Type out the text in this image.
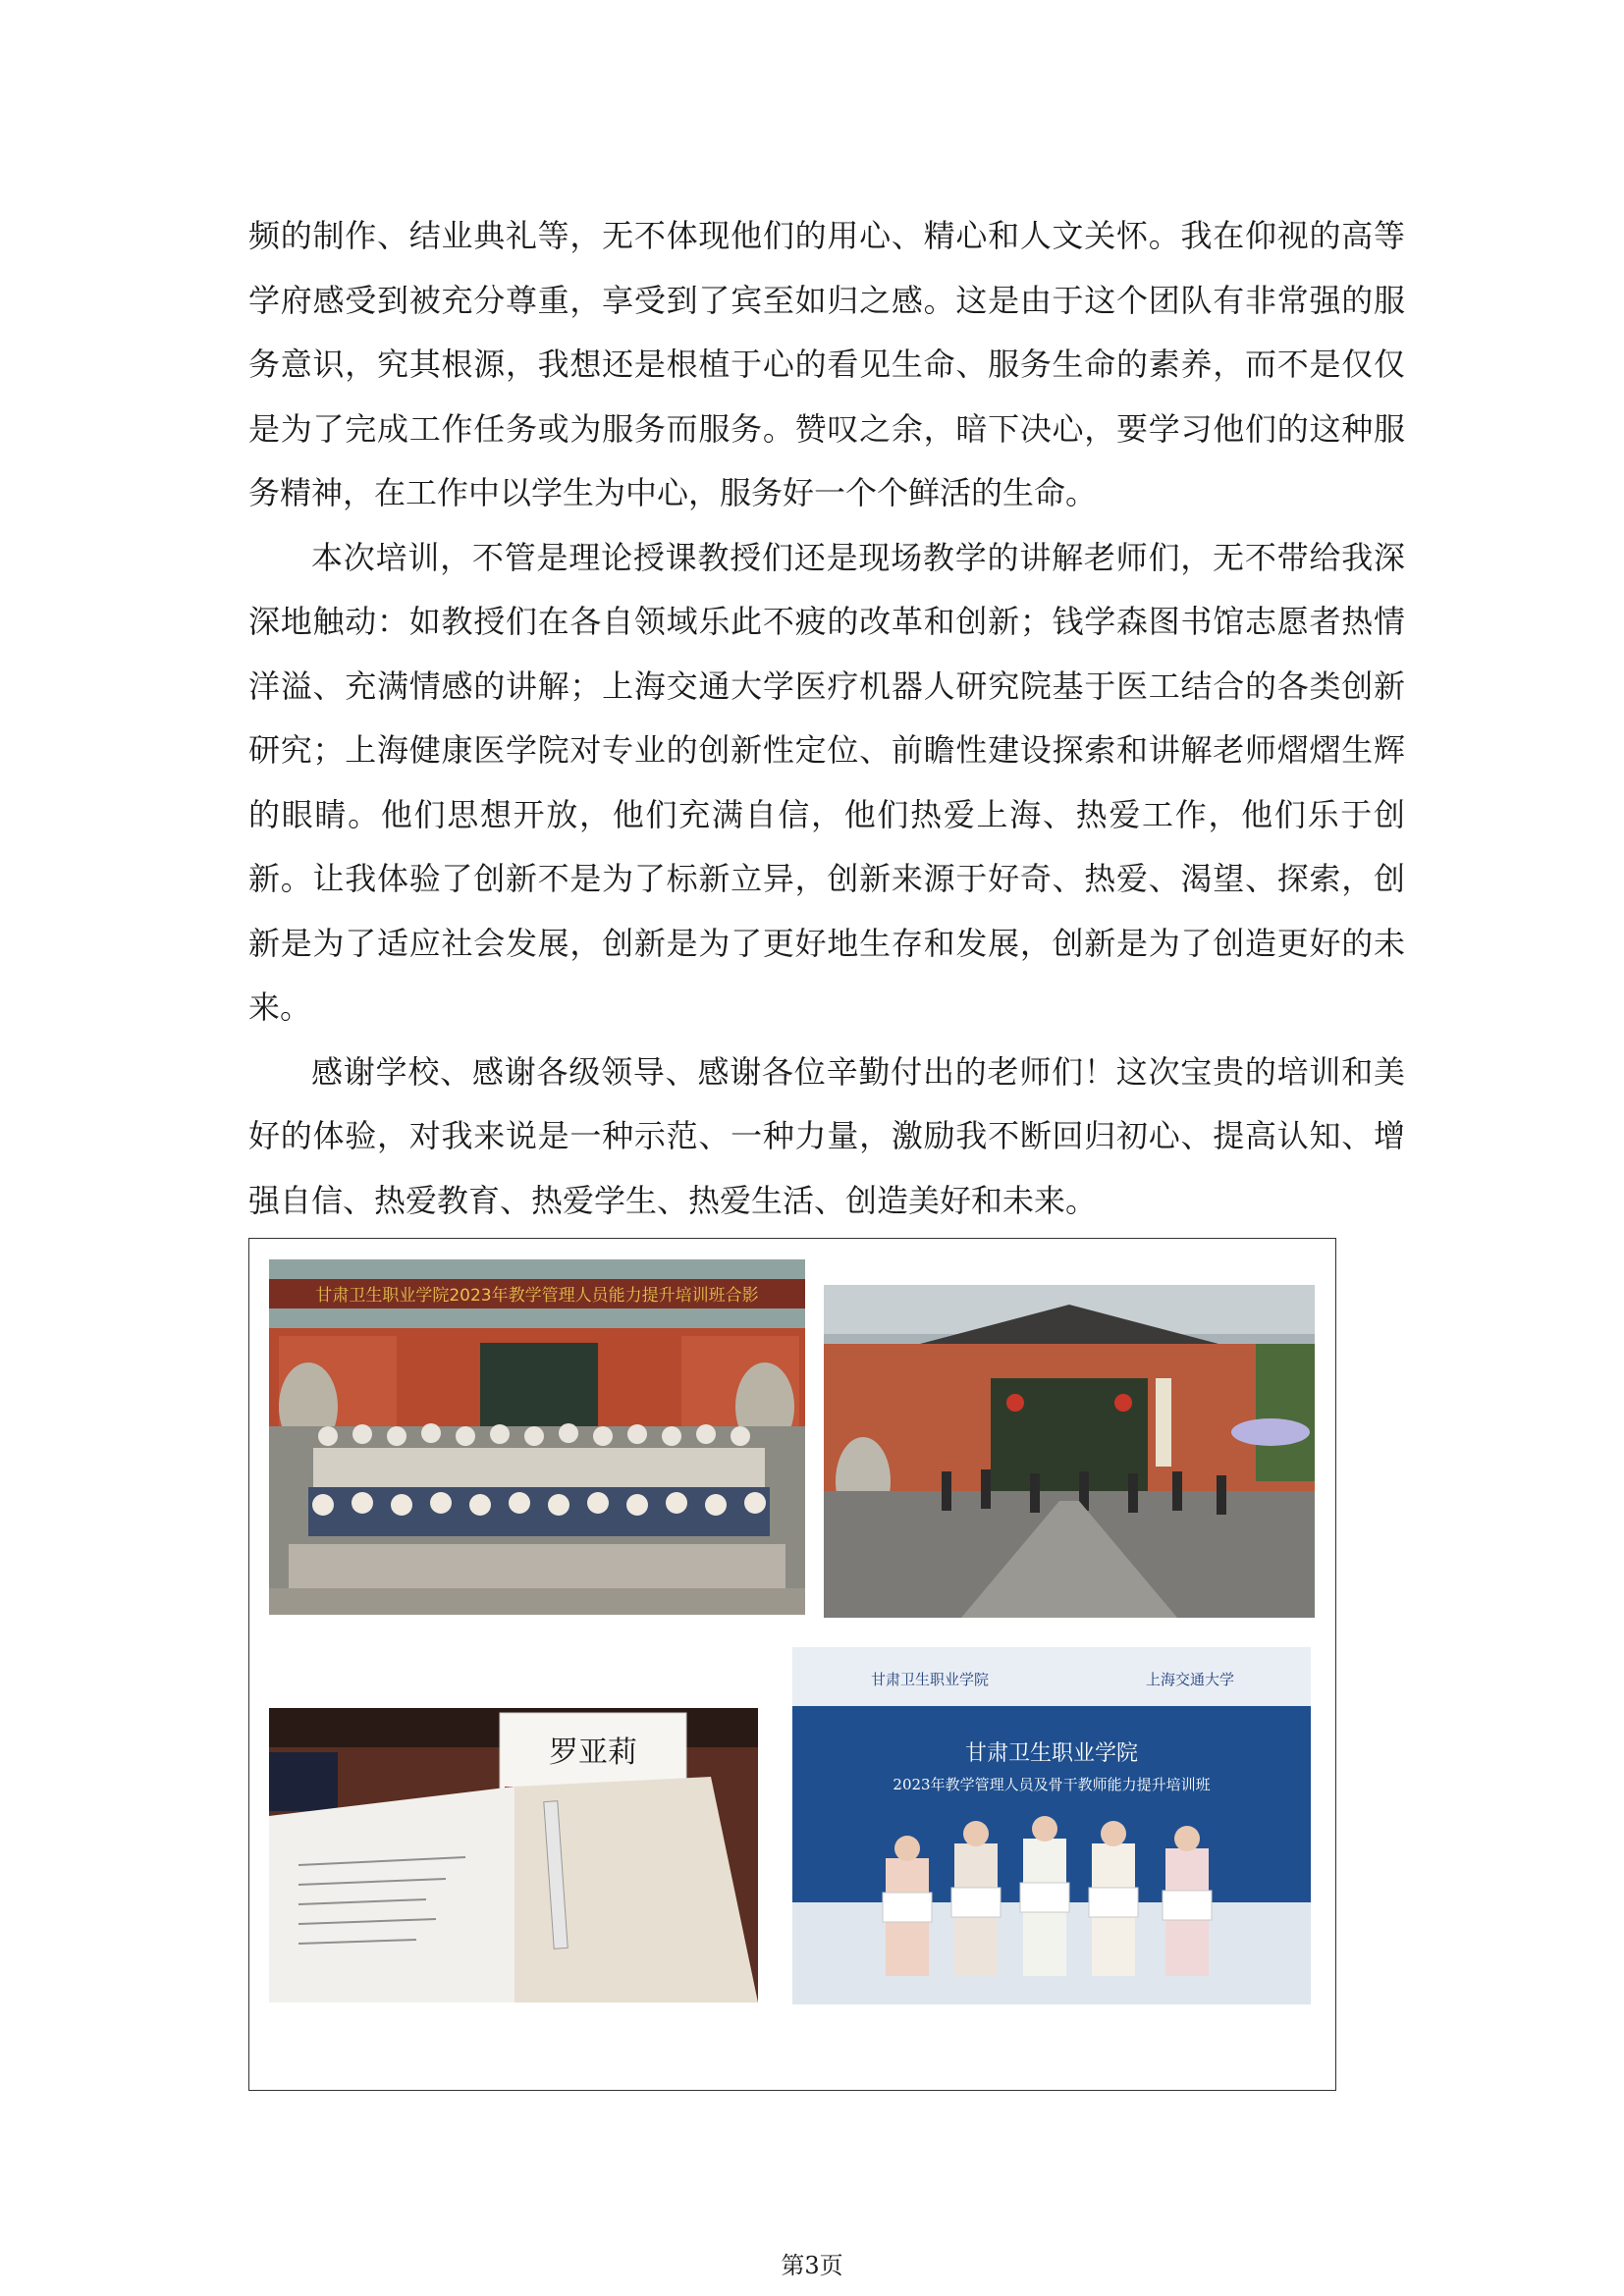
频的制作、结业典礼等，无不体现他们的用心、精心和人文关怀。我在仰视的高等学府感受到被充分尊重，享受到了宾至如归之感。这是由于这个团队有非常强的服务意识，究其根源，我想还是根植于心的看见生命、服务生命的素养，而不是仅仅是为了完成工作任务或为服务而服务。赞叹之余，暗下决心，要学习他们的这种服务精神，在工作中以学生为中心，服务好一个个鲜活的生命。

本次培训，不管是理论授课教授们还是现场教学的讲解老师们，无不带给我深深地触动：如教授们在各自领域乐此不疲的改革和创新；钱学森图书馆志愿者热情洋溢、充满情感的讲解；上海交通大学医疗机器人研究院基于医工结合的各类创新研究；上海健康医学院对专业的创新性定位、前瞻性建设探索和讲解老师熠熠生辉的眼睛。他们思想开放，他们充满自信，他们热爱上海、热爱工作，他们乐于创新。让我体验了创新不是为了标新立异，创新来源于好奇、热爱、渴望、探索，创新是为了适应社会发展，创新是为了更好地生存和发展，创新是为了创造更好的未来。

感谢学校、感谢各级领导、感谢各位辛勤付出的老师们！这次宝贵的培训和美好的体验，对我来说是一种示范、一种力量，激励我不断回归初心、提高认知、增强自信、热爱教育、热爱学生、热爱生活、创造美好和未来。

甘肃卫生职业学院2023年教学管理人员能力提升培训班合影
罗亚莉
甘肃卫生职业学院	上海交通大学
甘肃卫生职业学院
2023年教学管理人员及骨干教师能力提升培训班
第3页
